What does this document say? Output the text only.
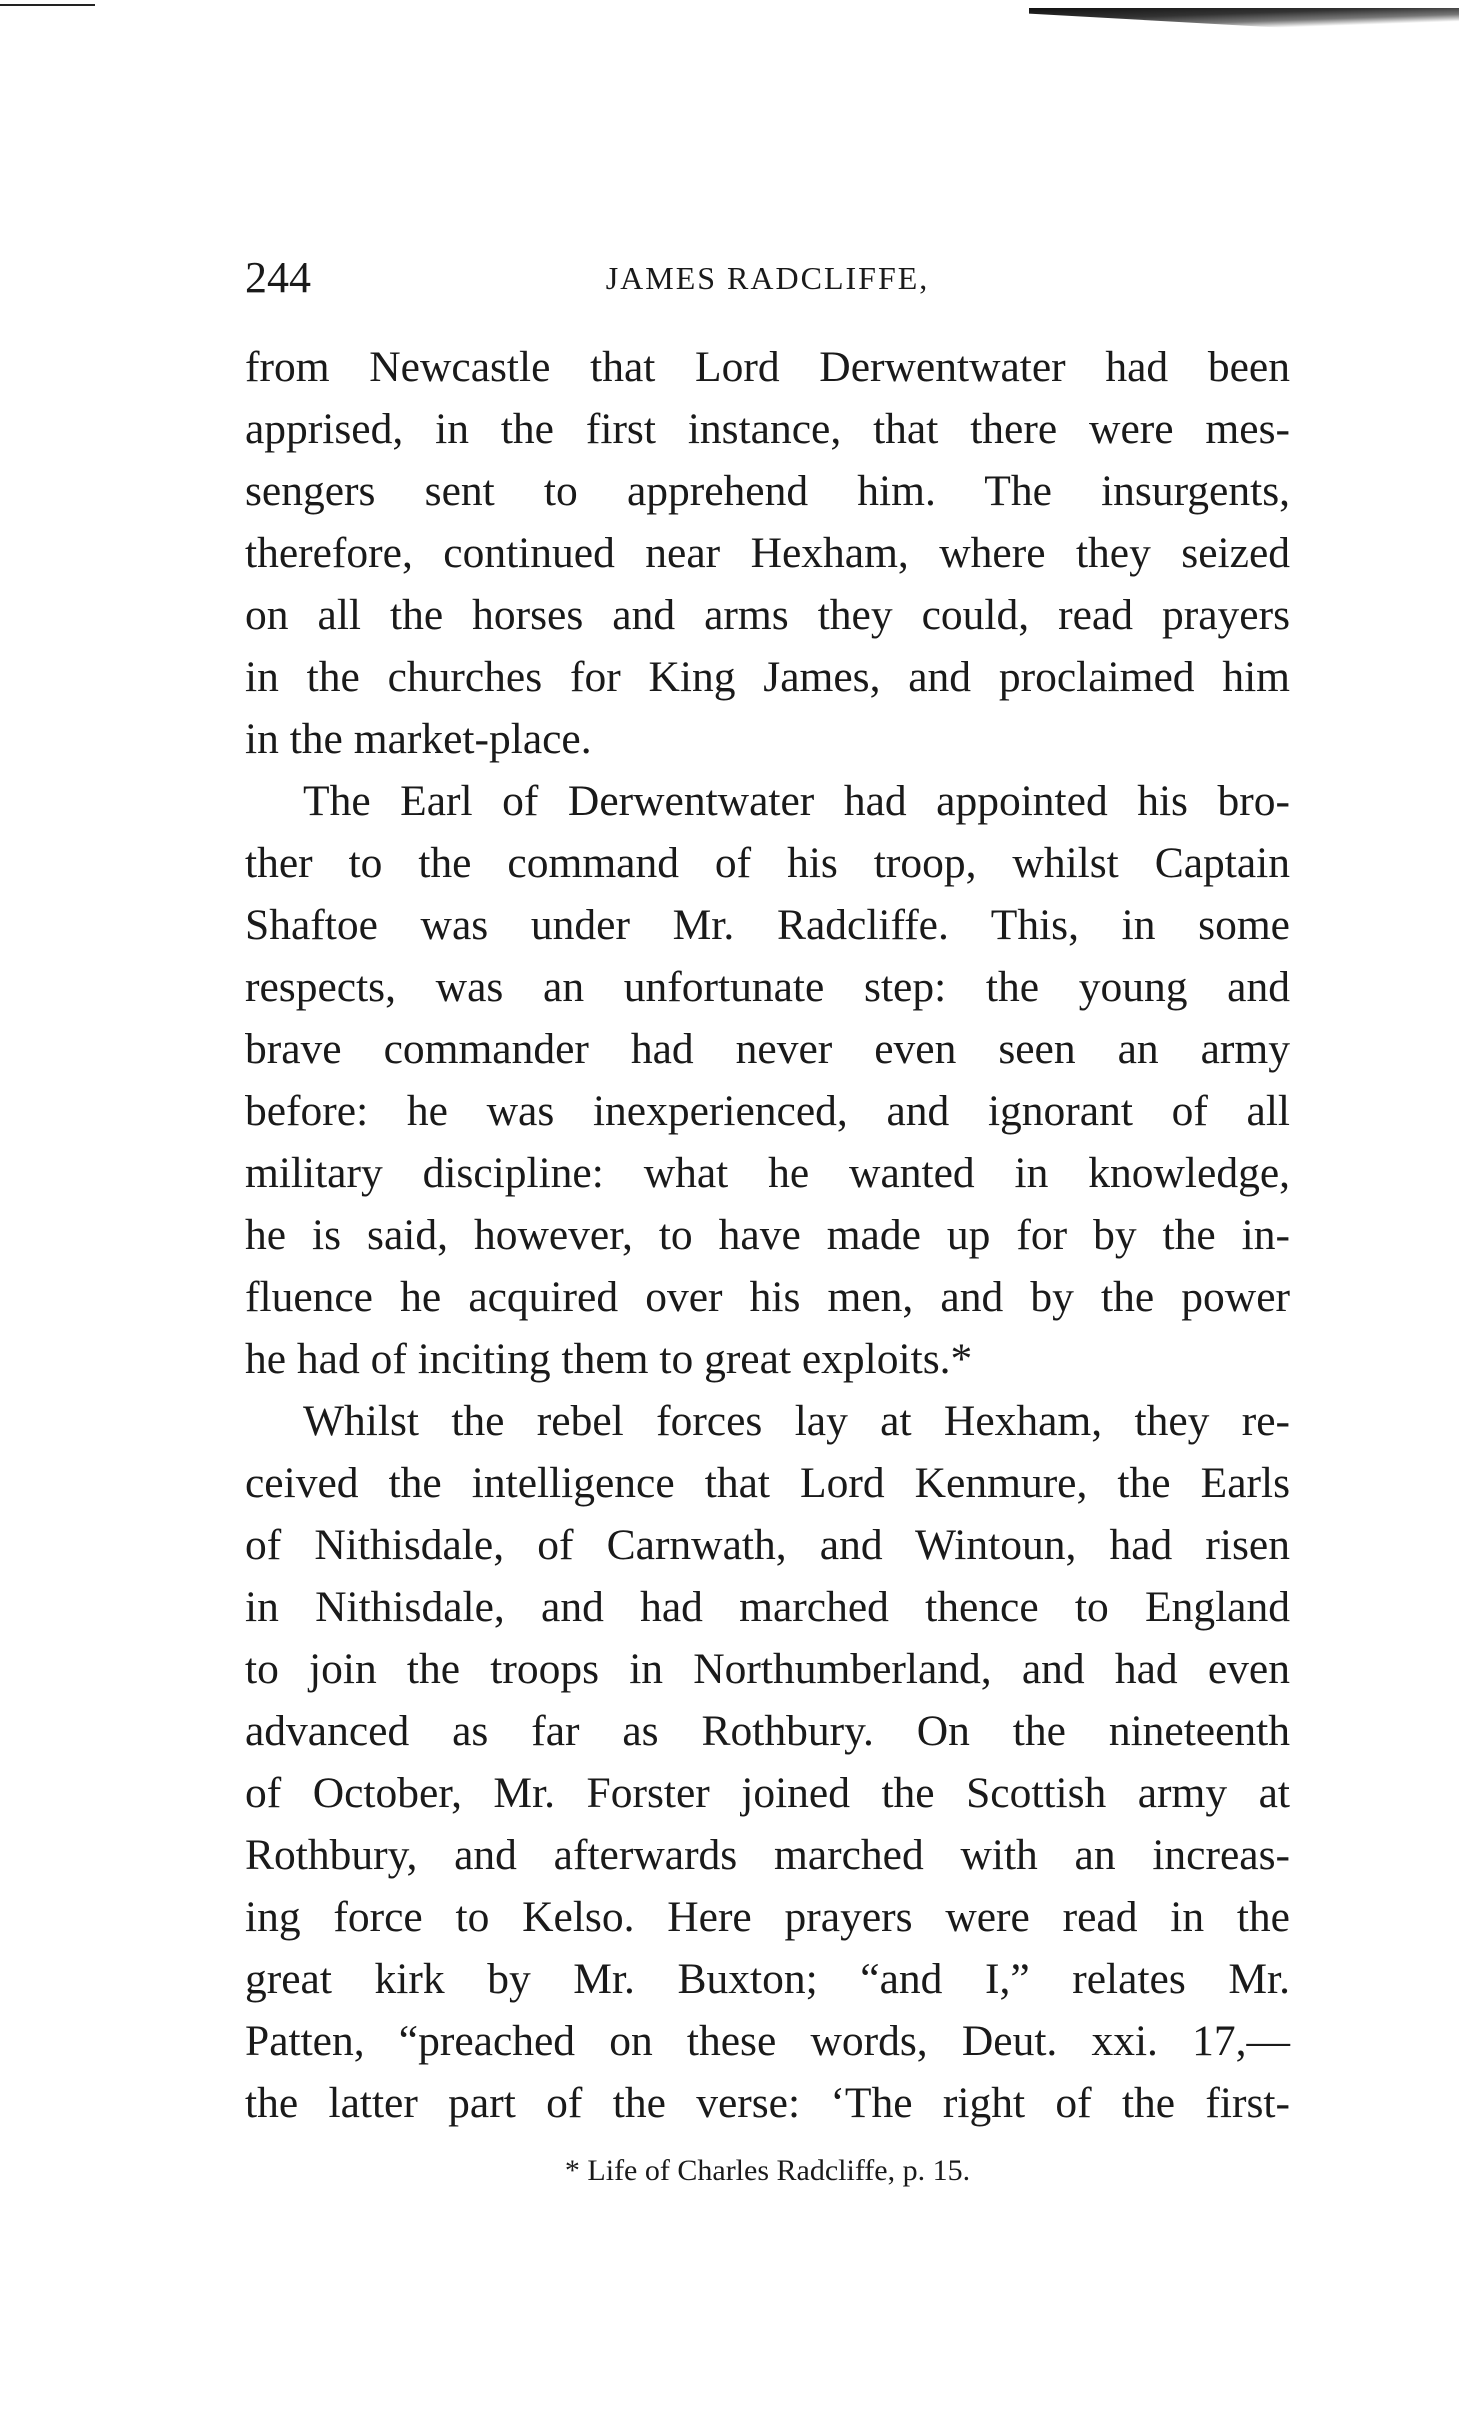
244	JAMES RADCLIFFE,
from Newcastle that Lord Derwentwater had been
apprised, in the first instance, that there were mes-
sengers sent to apprehend him. The insurgents,
therefore, continued near Hexham, where they seized
on all the horses and arms they could, read prayers
in the churches for King James, and proclaimed him
in the market-place.
The Earl of Derwentwater had appointed his bro-
ther to the command of his troop, whilst Captain
Shaftoe was under Mr. Radcliffe. This, in some
respects, was an unfortunate step: the young and
brave commander had never even seen an army
before: he was inexperienced, and ignorant of all
military discipline: what he wanted in knowledge,
he is said, however, to have made up for by the in-
fluence he acquired over his men, and by the power
he had of inciting them to great exploits.*
Whilst the rebel forces lay at Hexham, they re-
ceived the intelligence that Lord Kenmure, the Earls
of Nithisdale, of Carnwath, and Wintoun, had risen
in Nithisdale, and had marched thence to England
to join the troops in Northumberland, and had even
advanced as far as Rothbury. On the nineteenth
of October, Mr. Forster joined the Scottish army at
Rothbury, and afterwards marched with an increas-
ing force to Kelso. Here prayers were read in the
great kirk by Mr. Buxton; “and I,” relates Mr.
Patten, “preached on these words, Deut. xxi. 17,—
the latter part of the verse: ‘The right of the first-
* Life of Charles Radcliffe, p. 15.
